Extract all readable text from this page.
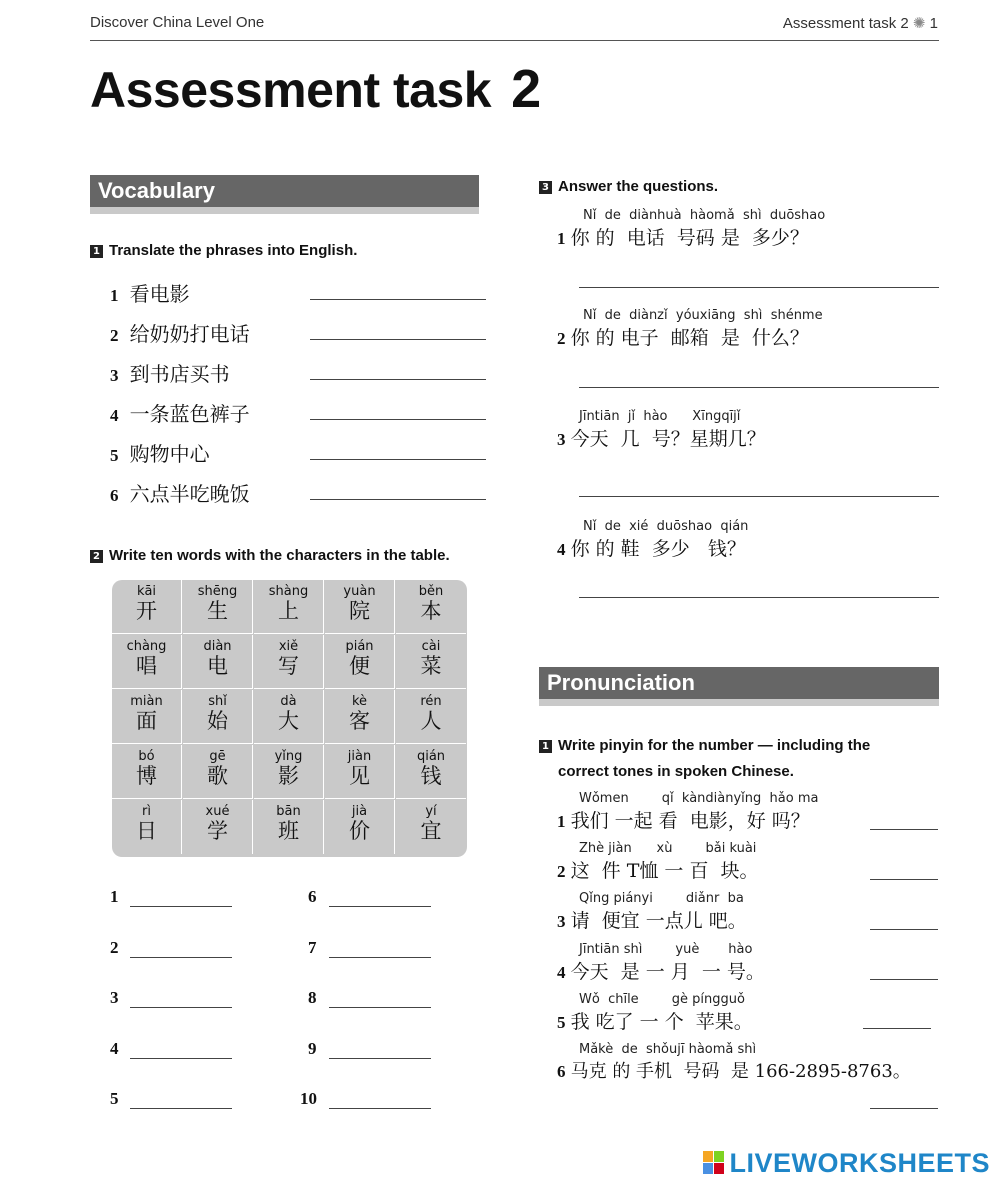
Discover China Level One	Assessment task 2 ✺ 1
Assessment task 2
Vocabulary
1 Translate the phrases into English.
1 看电影
2 给奶奶打电话
3 到书店买书
4 一条蓝色裤子
5 购物中心
6 六点半吃晚饭
2 Write ten words with the characters in the table.
kāi
开
shēng
生
shàng
上
yuàn
院
běn
本
chàng
唱
diàn
电
xiě
写
pián
便
cài
菜
miàn
面
shǐ
始
dà
大
kè
客
rén
人
bó
博
gē
歌
yǐng
影
jiàn
见
qián
钱
rì
日
xué
学
bān
班
jià
价
yí
宜
1
2
3
4
5
6
7
8
9
10
3 Answer the questions.
Nǐ  de  diànhuà  hàomǎ  shì  duōshao
1 你 的  电话  号码 是  多少？
Nǐ  de  diànzǐ  yóuxiāng  shì  shénme
2 你 的 电子  邮箱  是  什么？
Jīntiān  jǐ  hào      Xīngqījǐ
3 今天  几  号？星期几？
Nǐ  de  xié  duōshao  qián
4 你 的 鞋  多少   钱？
Pronunciation
1 Write pinyin for the number — including the
correct tones in spoken Chinese.
Wǒmen        qǐ  kàndiànyǐng  hǎo ma
1 我们 一起 看  电影，好 吗？
Zhè jiàn      xù        bǎi kuài
2 这  件 T恤 一 百  块。
Qǐng piányi        diǎnr  ba
3 请  便宜 一点儿 吧。
Jīntiān shì        yuè       hào
4 今天  是 一 月  一 号。
Wǒ  chīle        gè píngguǒ
5 我 吃了 一 个  苹果。
Mǎkè  de  shǒujī hàomǎ shì
6 马克 的 手机  号码  是 166-2895-8763。
LIVEWORKSHEETS
